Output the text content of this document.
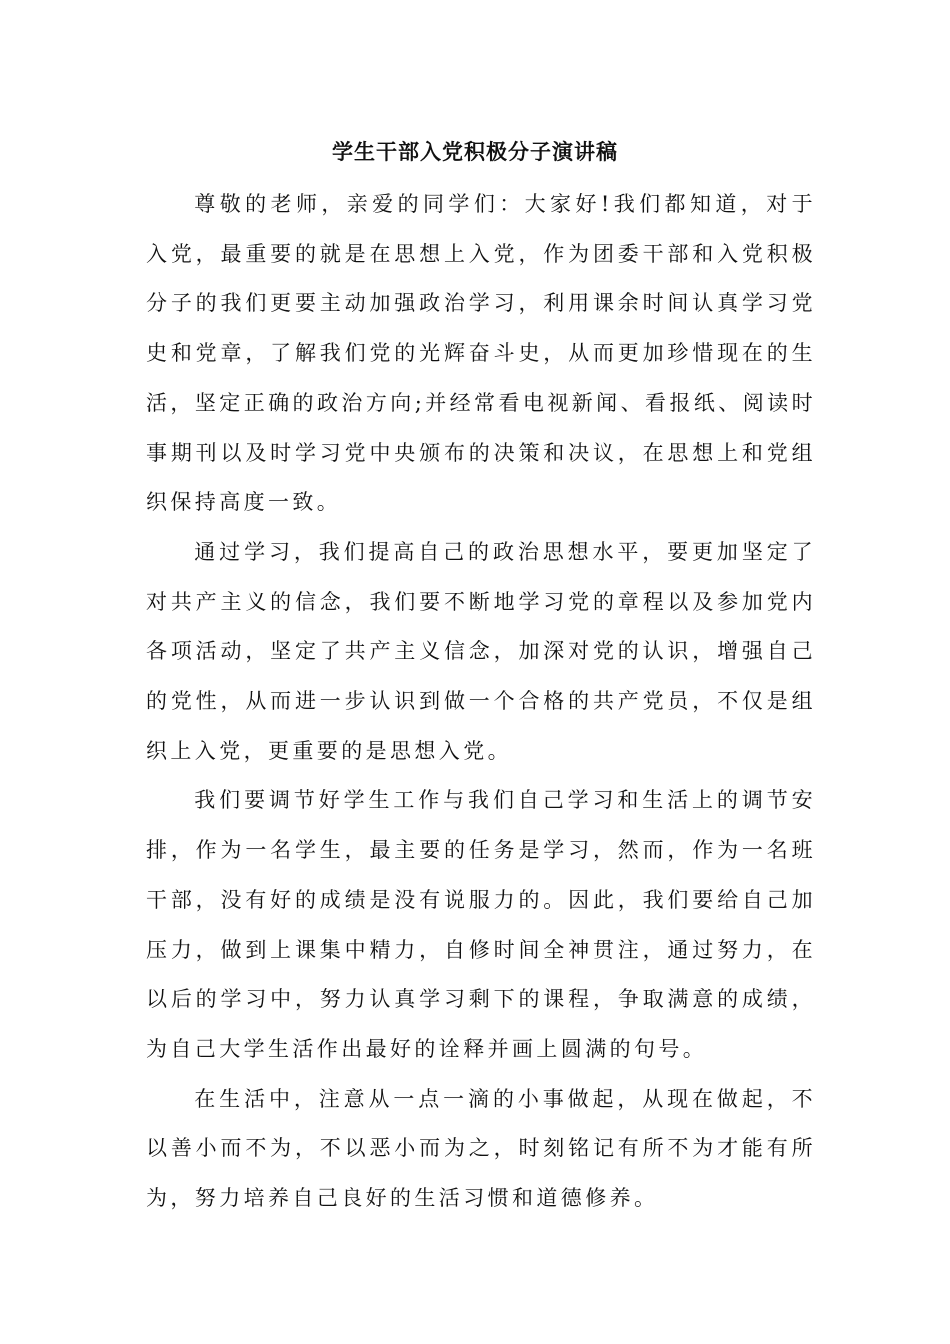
学生干部入党积极分子演讲稿

尊敬的老师，亲爱的同学们：大家好!我们都知道，对于入党，最重要的就是在思想上入党，作为团委干部和入党积极分子的我们更要主动加强政治学习，利用课余时间认真学习党史和党章，了解我们党的光辉奋斗史，从而更加珍惜现在的生活，坚定正确的政治方向;并经常看电视新闻、看报纸、阅读时事期刊以及时学习党中央颁布的决策和决议，在思想上和党组织保持高度一致。

通过学习，我们提高自己的政治思想水平，要更加坚定了对共产主义的信念，我们要不断地学习党的章程以及参加党内各项活动，坚定了共产主义信念，加深对党的认识，增强自己的党性，从而进一步认识到做一个合格的共产党员，不仅是组织上入党，更重要的是思想入党。

我们要调节好学生工作与我们自己学习和生活上的调节安排，作为一名学生，最主要的任务是学习，然而，作为一名班干部，没有好的成绩是没有说服力的。因此，我们要给自己加压力，做到上课集中精力，自修时间全神贯注，通过努力，在以后的学习中，努力认真学习剩下的课程，争取满意的成绩，为自己大学生活作出最好的诠释并画上圆满的句号。

在生活中，注意从一点一滴的小事做起，从现在做起，不以善小而不为，不以恶小而为之，时刻铭记有所不为才能有所为，努力培养自己良好的生活习惯和道德修养。
